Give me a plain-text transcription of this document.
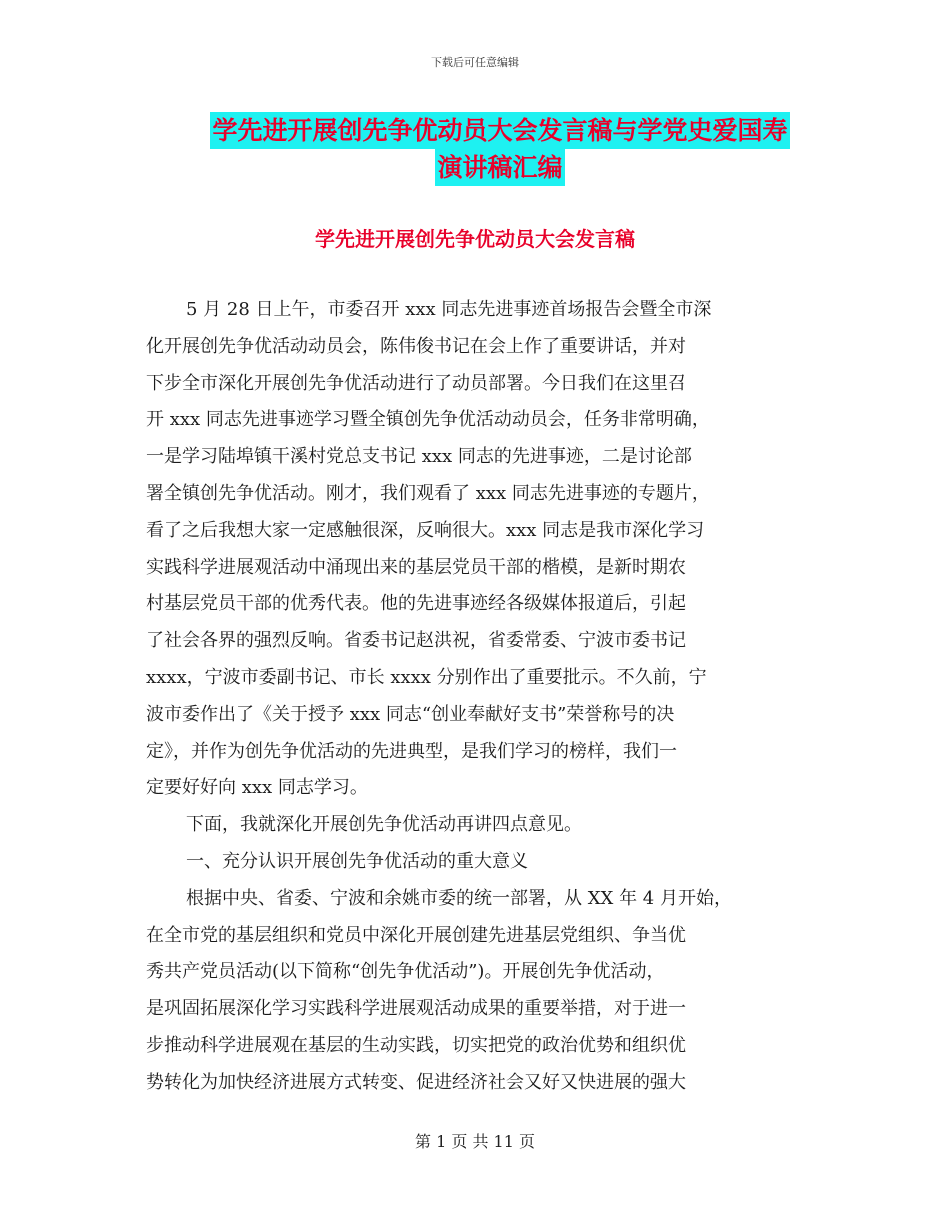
下载后可任意编辑
学先进开展创先争优动员大会发言稿与学党史爱国寿
演讲稿汇编
学先进开展创先争优动员大会发言稿
5 月 28 日上午，市委召开 xxx 同志先进事迹首场报告会暨全市深
化开展创先争优活动动员会，陈伟俊书记在会上作了重要讲话，并对
下步全市深化开展创先争优活动进行了动员部署。今日我们在这里召
开 xxx 同志先进事迹学习暨全镇创先争优活动动员会，任务非常明确，
一是学习陆埠镇干溪村党总支书记 xxx 同志的先进事迹，二是讨论部
署全镇创先争优活动。刚才，我们观看了 xxx 同志先进事迹的专题片，
看了之后我想大家一定感触很深，反响很大。xxx 同志是我市深化学习
实践科学进展观活动中涌现出来的基层党员干部的楷模，是新时期农
村基层党员干部的优秀代表。他的先进事迹经各级媒体报道后，引起
了社会各界的强烈反响。省委书记赵洪祝，省委常委、宁波市委书记
xxxx，宁波市委副书记、市长 xxxx 分别作出了重要批示。不久前，宁
波市委作出了《关于授予 xxx 同志“创业奉献好支书”荣誉称号的决
定》，并作为创先争优活动的先进典型，是我们学习的榜样，我们一
定要好好向 xxx 同志学习。
下面，我就深化开展创先争优活动再讲四点意见。
一、充分认识开展创先争优活动的重大意义
根据中央、省委、宁波和余姚市委的统一部署，从 XX 年 4 月开始，
在全市党的基层组织和党员中深化开展创建先进基层党组织、争当优
秀共产党员活动(以下简称“创先争优活动”)。开展创先争优活动，
是巩固拓展深化学习实践科学进展观活动成果的重要举措，对于进一
步推动科学进展观在基层的生动实践，切实把党的政治优势和组织优
势转化为加快经济进展方式转变、促进经济社会又好又快进展的强大
第 1 页 共 11 页
